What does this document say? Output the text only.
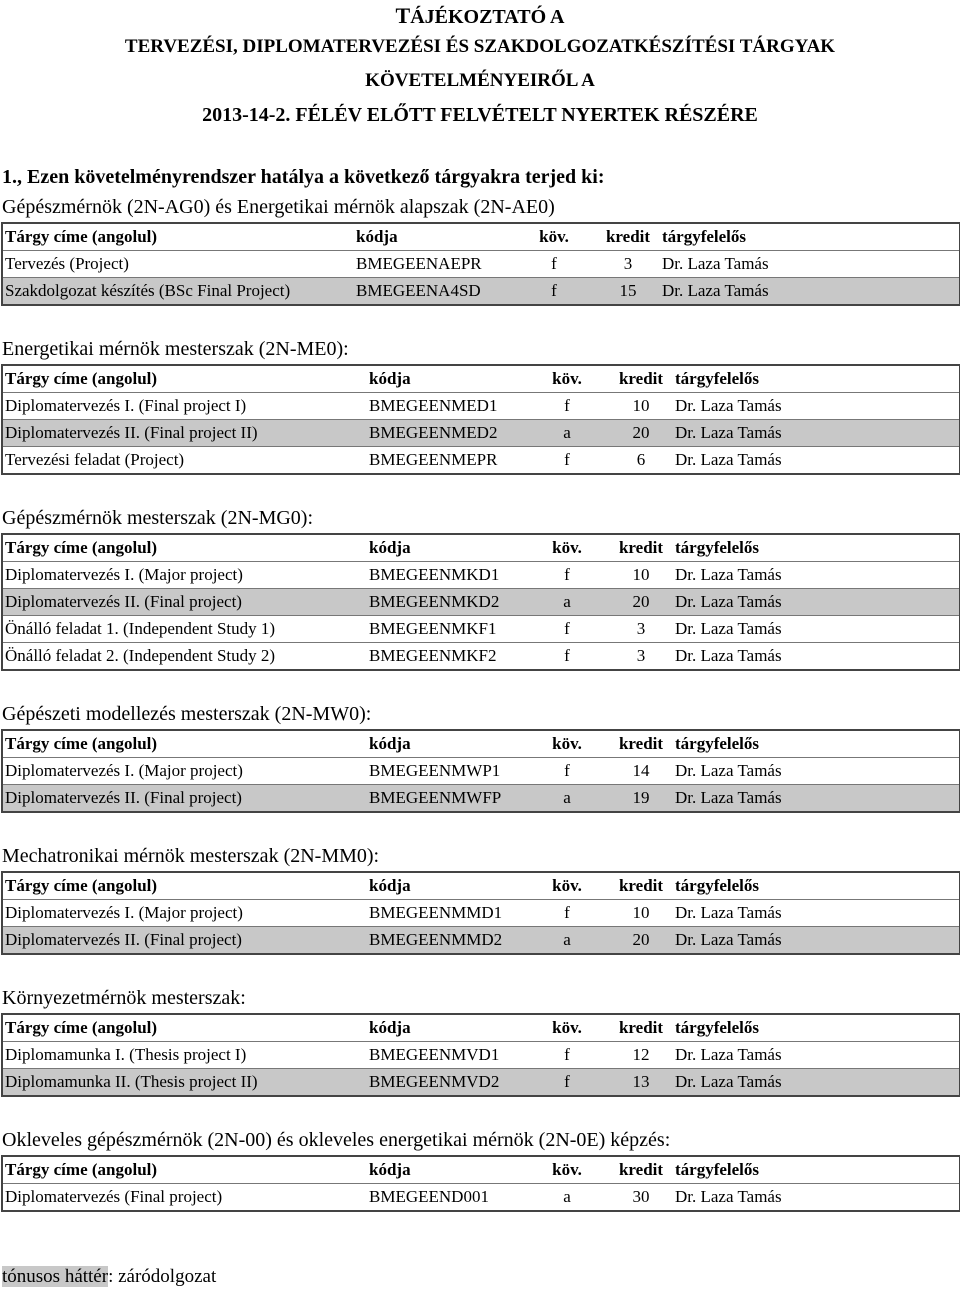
TÁJÉKOZTATÓ A
TERVEZÉSI, DIPLOMATERVEZÉSI ÉS SZAKDOLGOZATKÉSZÍTÉSI TÁRGYAK
KÖVETELMÉNYEIRŐL A
2013-14-2. FÉLÉV ELŐTT FELVÉTELT NYERTEK RÉSZÉRE
1., Ezen követelményrendszer hatálya a következő tárgyakra terjed ki:
Gépészmérnök (2N-AG0) és Energetikai mérnök alapszak (2N-AE0)
Tárgy címe (angolul)	kódja	köv.	kredit	tárgyfelelős
Tervezés (Project)	BMEGEENAEPR	f	3	Dr. Laza Tamás
Szakdolgozat készítés (BSc Final Project)	BMEGEENA4SD	f	15	Dr. Laza Tamás
Energetikai mérnök mesterszak (2N-ME0):
Tárgy címe (angolul)	kódja	köv.	kredit	tárgyfelelős
Diplomatervezés I. (Final project I)	BMEGEENMED1	f	10	Dr. Laza Tamás
Diplomatervezés II. (Final project II)	BMEGEENMED2	a	20	Dr. Laza Tamás
Tervezési feladat (Project)	BMEGEENMEPR	f	6	Dr. Laza Tamás
Gépészmérnök mesterszak (2N-MG0):
Tárgy címe (angolul)	kódja	köv.	kredit	tárgyfelelős
Diplomatervezés I. (Major project)	BMEGEENMKD1	f	10	Dr. Laza Tamás
Diplomatervezés II. (Final project)	BMEGEENMKD2	a	20	Dr. Laza Tamás
Önálló feladat 1. (Independent Study 1)	BMEGEENMKF1	f	3	Dr. Laza Tamás
Önálló feladat 2. (Independent Study 2)	BMEGEENMKF2	f	3	Dr. Laza Tamás
Gépészeti modellezés mesterszak (2N-MW0):
Tárgy címe (angolul)	kódja	köv.	kredit	tárgyfelelős
Diplomatervezés I. (Major project)	BMEGEENMWP1	f	14	Dr. Laza Tamás
Diplomatervezés II. (Final project)	BMEGEENMWFP	a	19	Dr. Laza Tamás
Mechatronikai mérnök mesterszak (2N-MM0):
Tárgy címe (angolul)	kódja	köv.	kredit	tárgyfelelős
Diplomatervezés I. (Major project)	BMEGEENMMD1	f	10	Dr. Laza Tamás
Diplomatervezés II. (Final project)	BMEGEENMMD2	a	20	Dr. Laza Tamás
Környezetmérnök mesterszak:
Tárgy címe (angolul)	kódja	köv.	kredit	tárgyfelelős
Diplomamunka I. (Thesis project I)	BMEGEENMVD1	f	12	Dr. Laza Tamás
Diplomamunka II. (Thesis project II)	BMEGEENMVD2	f	13	Dr. Laza Tamás
Okleveles gépészmérnök (2N-00) és okleveles energetikai mérnök (2N-0E) képzés:
Tárgy címe (angolul)	kódja	köv.	kredit	tárgyfelelős
Diplomatervezés (Final project)	BMEGEEND001	a	30	Dr. Laza Tamás
tónusos háttér: záródolgozat
